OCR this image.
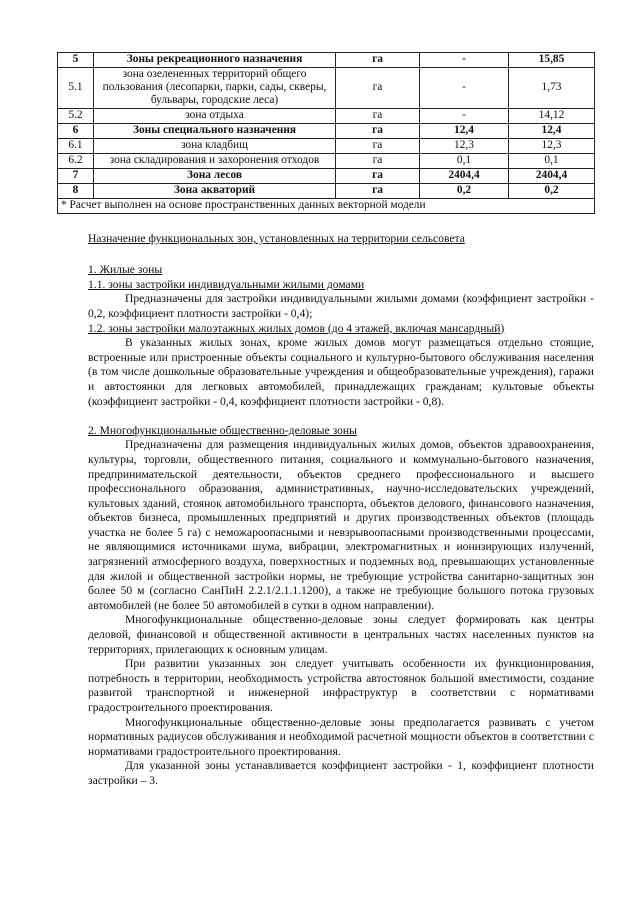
5	Зоны рекреационного назначения	га	-	15,85
5.1	зона озелененных территорий общего пользования (лесопарки, парки, сады, скверы, бульвары, городские леса)	га	-	1,73
5.2	зона отдыха	га	-	14,12
6	Зоны специального назначения	га	12,4	12,4
6.1	зона кладбищ	га	12,3	12,3
6.2	зона складирования и захоронения отходов	га	0,1	0,1
7	Зона лесов	га	2404,4	2404,4
8	Зона акваторий	га	0,2	0,2
* Расчет выполнен на основе пространственных данных векторной модели				

Назначение функциональных зон, установленных на территории сельсовета

1. Жилые зоны

1.1. зоны застройки индивидуальными жилыми домами

Предназначены для застройки индивидуальными жилыми домами (коэффициент застройки - 0,2, коэффициент плотности застройки - 0,4);

1.2. зоны застройки малоэтажных жилых домов (до 4 этажей, включая мансардный)

В указанных жилых зонах, кроме жилых домов могут размещаться отдельно стоящие, встроенные или пристроенные объекты социального и культурно-бытового обслуживания населения (в том числе дошкольные образовательные учреждения и общеобразовательные учреждения), гаражи и автостоянки для легковых автомобилей, принадлежащих гражданам; культовые объекты (коэффициент застройки - 0,4, коэффициент плотности застройки - 0,8).

2. Многофункциональные общественно-деловые зоны

Предназначены для размещения индивидуальных жилых домов, объектов здравоохранения, культуры, торговли, общественного питания, социального и коммунально-бытового назначения, предпринимательской деятельности, объектов среднего профессионального и высшего профессионального образования, административных, научно-исследовательских учреждений, культовых зданий, стоянок автомобильного транспорта, объектов делового, финансового назначения, объектов бизнеса, промышленных предприятий и других производственных объектов (площадь участка не более 5 га) с неможароопасными и невзрывоопасными производственными процессами, не являющимися источниками шума, вибрации, электромагнитных и ионизирующих излучений, загрязнений атмосферного воздуха, поверхностных и подземных вод, превышающих установленные для жилой и общественной застройки нормы, не требующие устройства санитарно-защитных зон более 50 м (согласно СанПиН 2.2.1/2.1.1.1200), а также не требующие большого потока грузовых автомобилей (не более 50 автомобилей в сутки в одном направлении).

Многофункциональные общественно-деловые зоны следует формировать как центры деловой, финансовой и общественной активности в центральных частях населенных пунктов на территориях, прилегающих к основным улицам.

При развитии указанных зон следует учитывать особенности их функционирования, потребность в территории, необходимость устройства автостоянок большой вместимости, создание развитой транспортной и инженерной инфраструктур в соответствии с нормативами градостроительного проектирования.

Многофункциональные общественно-деловые зоны предполагается развивать с учетом нормативных радиусов обслуживания и необходимой расчетной мощности объектов в соответствии с нормативами градостроительного проектирования.

Для указанной зоны устанавливается коэффициент застройки - 1, коэффициент плотности застройки – 3.
